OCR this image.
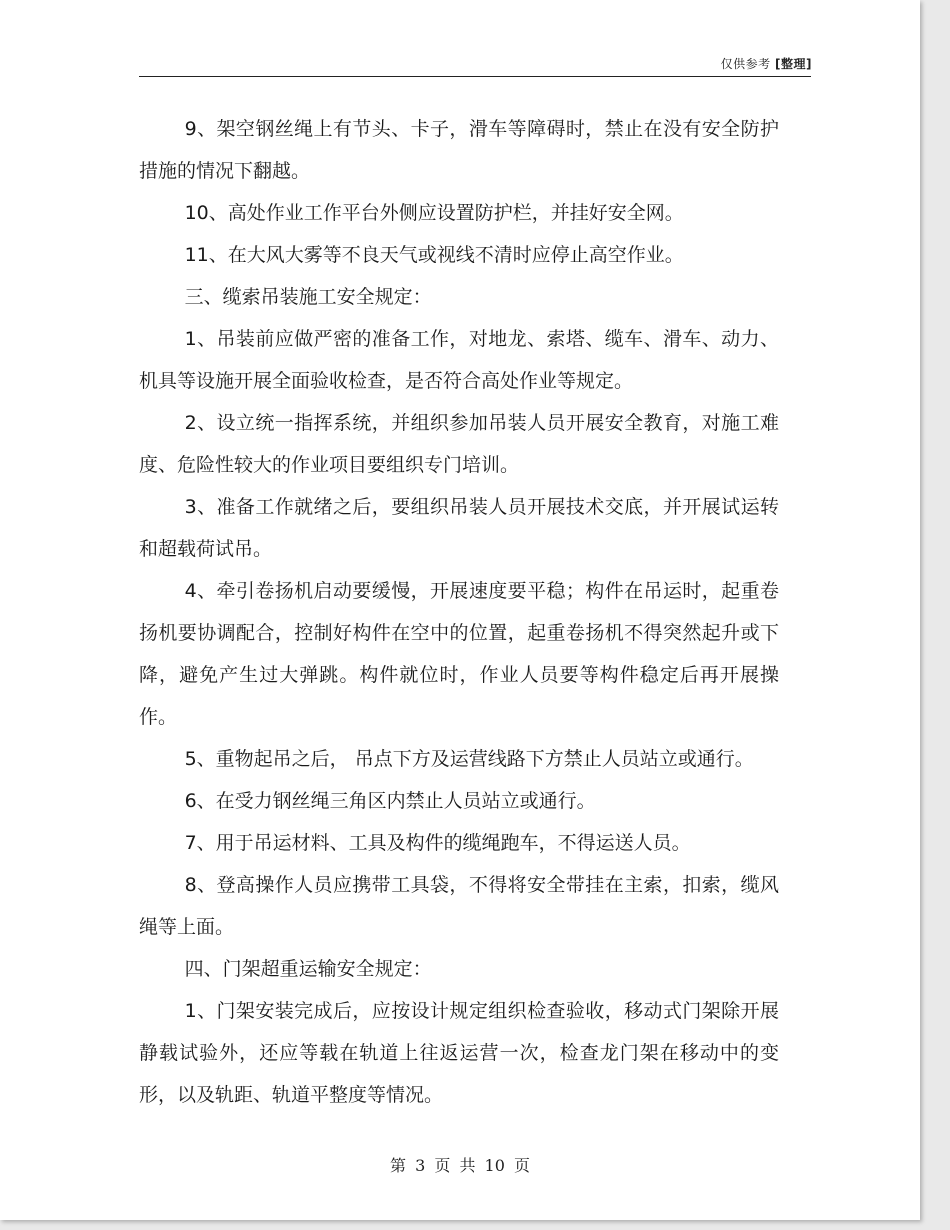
仅供参考 [整理]

9、架空钢丝绳上有节头、卡子，滑车等障碍时，禁止在没有安全防护措施的情况下翻越。

10、高处作业工作平台外侧应设置防护栏，并挂好安全网。

11、在大风大雾等不良天气或视线不清时应停止高空作业。

三、缆索吊装施工安全规定：

1、吊装前应做严密的准备工作，对地龙、索塔、缆车、滑车、动力、机具等设施开展全面验收检查，是否符合高处作业等规定。

2、设立统一指挥系统，并组织参加吊装人员开展安全教育，对施工难度、危险性较大的作业项目要组织专门培训。

3、准备工作就绪之后，要组织吊装人员开展技术交底，并开展试运转和超载荷试吊。

4、牵引卷扬机启动要缓慢，开展速度要平稳；构件在吊运时，起重卷扬机要协调配合，控制好构件在空中的位置，起重卷扬机不得突然起升或下降，避免产生过大弹跳。构件就位时，作业人员要等构件稳定后再开展操作。

5、重物起吊之后， 吊点下方及运营线路下方禁止人员站立或通行。

6、在受力钢丝绳三角区内禁止人员站立或通行。

7、用于吊运材料、工具及构件的缆绳跑车，不得运送人员。

8、登高操作人员应携带工具袋，不得将安全带挂在主索，扣索，缆风绳等上面。

四、门架超重运输安全规定：

1、门架安装完成后，应按设计规定组织检查验收，移动式门架除开展静载试验外，还应等载在轨道上往返运营一次，检查龙门架在移动中的变形，以及轨距、轨道平整度等情况。

第 3 页 共 10 页
